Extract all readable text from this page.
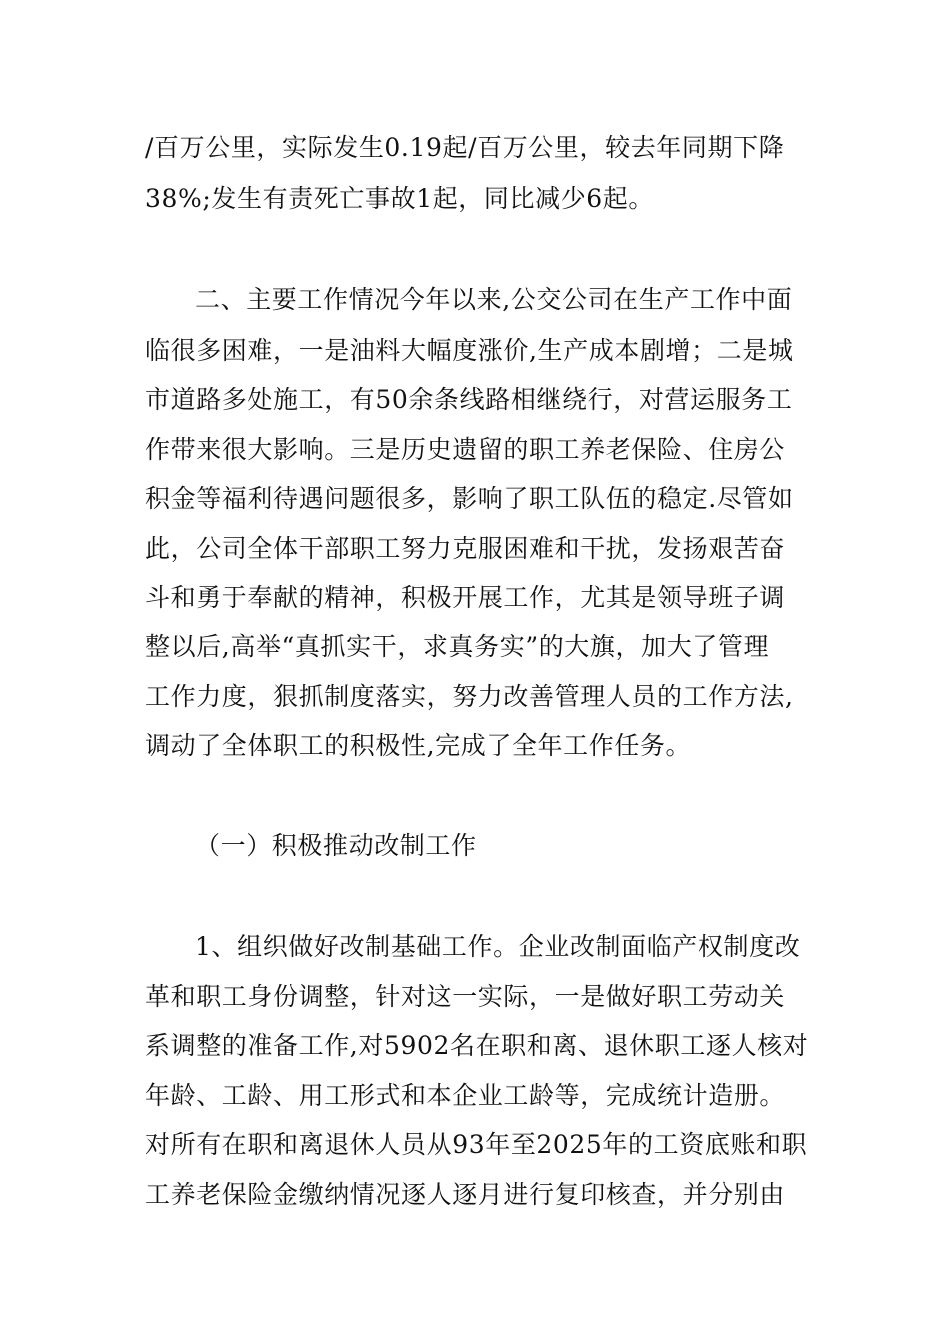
/百万公里，实际发生0.19起/百万公里，较去年同期下降
38%;发生有责死亡事故1起，同比减少6起。
二、主要工作情况今年以来,公交公司在生产工作中面
临很多困难，一是油料大幅度涨价,生产成本剧增；二是城
市道路多处施工，有50余条线路相继绕行，对营运服务工
作带来很大影响。三是历史遗留的职工养老保险、住房公
积金等福利待遇问题很多，影响了职工队伍的稳定.尽管如
此，公司全体干部职工努力克服困难和干扰，发扬艰苦奋
斗和勇于奉献的精神，积极开展工作，尤其是领导班子调
整以后,高举“真抓实干，求真务实”的大旗，加大了管理
工作力度，狠抓制度落实，努力改善管理人员的工作方法,
调动了全体职工的积极性,完成了全年工作任务。
（一）积极推动改制工作
1、组织做好改制基础工作。企业改制面临产权制度改
革和职工身份调整，针对这一实际，一是做好职工劳动关
系调整的准备工作,对5902名在职和离、退休职工逐人核对
年龄、工龄、用工形式和本企业工龄等，完成统计造册。
对所有在职和离退休人员从93年至2025年的工资底账和职
工养老保险金缴纳情况逐人逐月进行复印核查，并分别由
